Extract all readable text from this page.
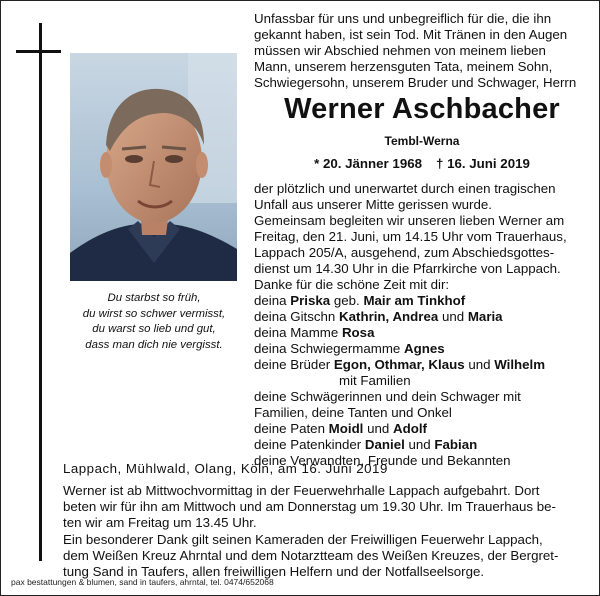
Du starbst so früh,
du wirst so schwer vermisst,
du warst so lieb und gut,
dass man dich nie vergisst.

Unfassbar für uns und unbegreiflich für die, die ihn

gekannt haben, ist sein Tod. Mit Tränen in den Augen

müssen wir Abschied nehmen von meinem lieben

Mann, unserem herzensguten Tata, meinem Sohn,

Schwiegersohn, unserem Bruder und Schwager, Herrn

Werner Aschbacher
Tembl-Werna
* 20. Jänner 1968 † 16. Juni 2019

der plötzlich und unerwartet durch einen tragischen

Unfall aus unserer Mitte gerissen wurde.

Gemeinsam begleiten wir unseren lieben Werner am

Freitag, den 21. Juni, um 14.15 Uhr vom Trauerhaus,

Lappach 205/A, ausgehend, zum Abschiedsgottes-

dienst um 14.30 Uhr in die Pfarrkirche von Lappach.

Danke für die schöne Zeit mit dir:

deina Priska geb. Mair am Tinkhof

deina Gitschn Kathrin, Andrea und Maria

deina Mamme Rosa

deina Schwiegermamme Agnes

deine Brüder Egon, Othmar, Klaus und Wilhelm

mit Familien

deine Schwägerinnen und dein Schwager mit

Familien, deine Tanten und Onkel

deine Paten Moidl und Adolf

deine Patenkinder Daniel und Fabian

deine Verwandten, Freunde und Bekannten

Lappach, Mühlwald, Olang, Köln, am 16. Juni 2019

Werner ist ab Mittwochvormittag in der Feuerwehrhalle Lappach aufgebahrt. Dort

beten wir für ihn am Mittwoch und am Donnerstag um 19.30 Uhr. Im Trauerhaus be-

ten wir am Freitag um 13.45 Uhr.

Ein besonderer Dank gilt seinen Kameraden der Freiwilligen Feuerwehr Lappach,

dem Weißen Kreuz Ahrntal und dem Notarztteam des Weißen Kreuzes, der Bergret-

tung Sand in Taufers, allen freiwilligen Helfern und der Notfallseelsorge.

pax bestattungen & blumen, sand in taufers, ahrntal, tel. 0474/652068
